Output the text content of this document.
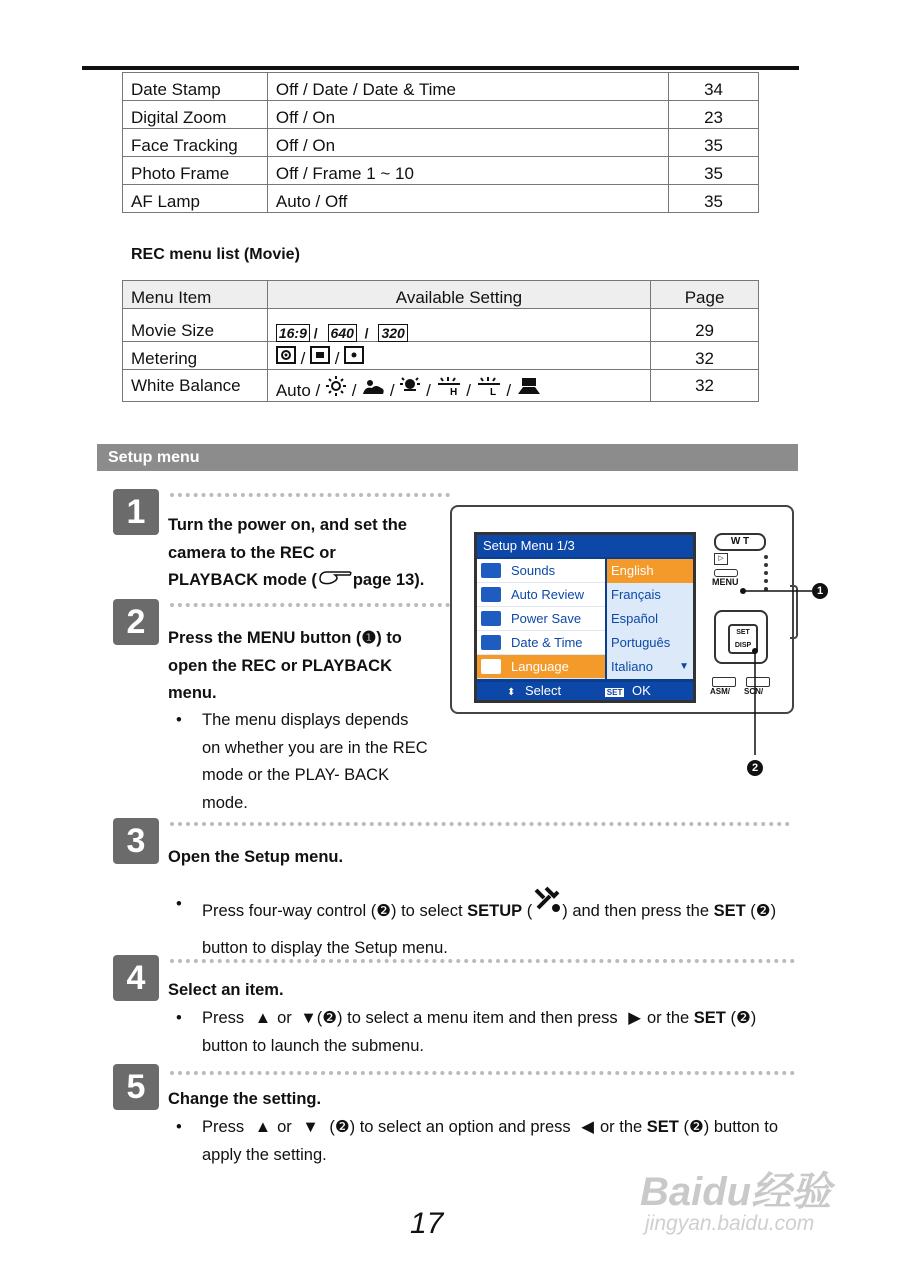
Date Stamp	Off / Date / Date & Time	34
Digital Zoom	Off / On	23
Face Tracking	Off / On	35
Photo Frame	Off / Frame 1 ~ 10	35
AF Lamp	Auto / Off	35
REC menu list (Movie)
Menu Item	Available Setting	Page
Movie Size	16:9 / 640  / 320	29
Metering	/  /	32
White Balance	Auto /  /  /  / H / L /	32
Setup menu
1	Turn the power on, and set the
camera to the REC or
PLAYBACK mode ( page 13).
2	Press the MENU button (❶) to
open the REC or PLAYBACK
menu.
• The menu displays depends
on whether you are in the REC
mode or the PLAY- BACK
mode.
Setup Menu 1/3
Sounds
Auto Review
Power Save
Date & Time
Language
English
Français
Español
Português
Italiano	▼
⬍ Select	SET OK
W T
▷
MENU
SET DISP
ASM/	SCN/
1
2
3	Open the Setup menu.
• Press four-way control (❷) to select SETUP ( ) and then press the SET (❷)
button to display the Setup menu.
4	Select an item.
• Press ▲ or ▼(❷) to select a menu item and then press ▶ or the SET (❷)
button to launch the submenu.
5	Change the setting.
• Press ▲ or ▼ (❷) to select an option and press ◀ or the SET (❷) button to
apply the setting.
Baidu经验
jingyan.baidu.com
17
